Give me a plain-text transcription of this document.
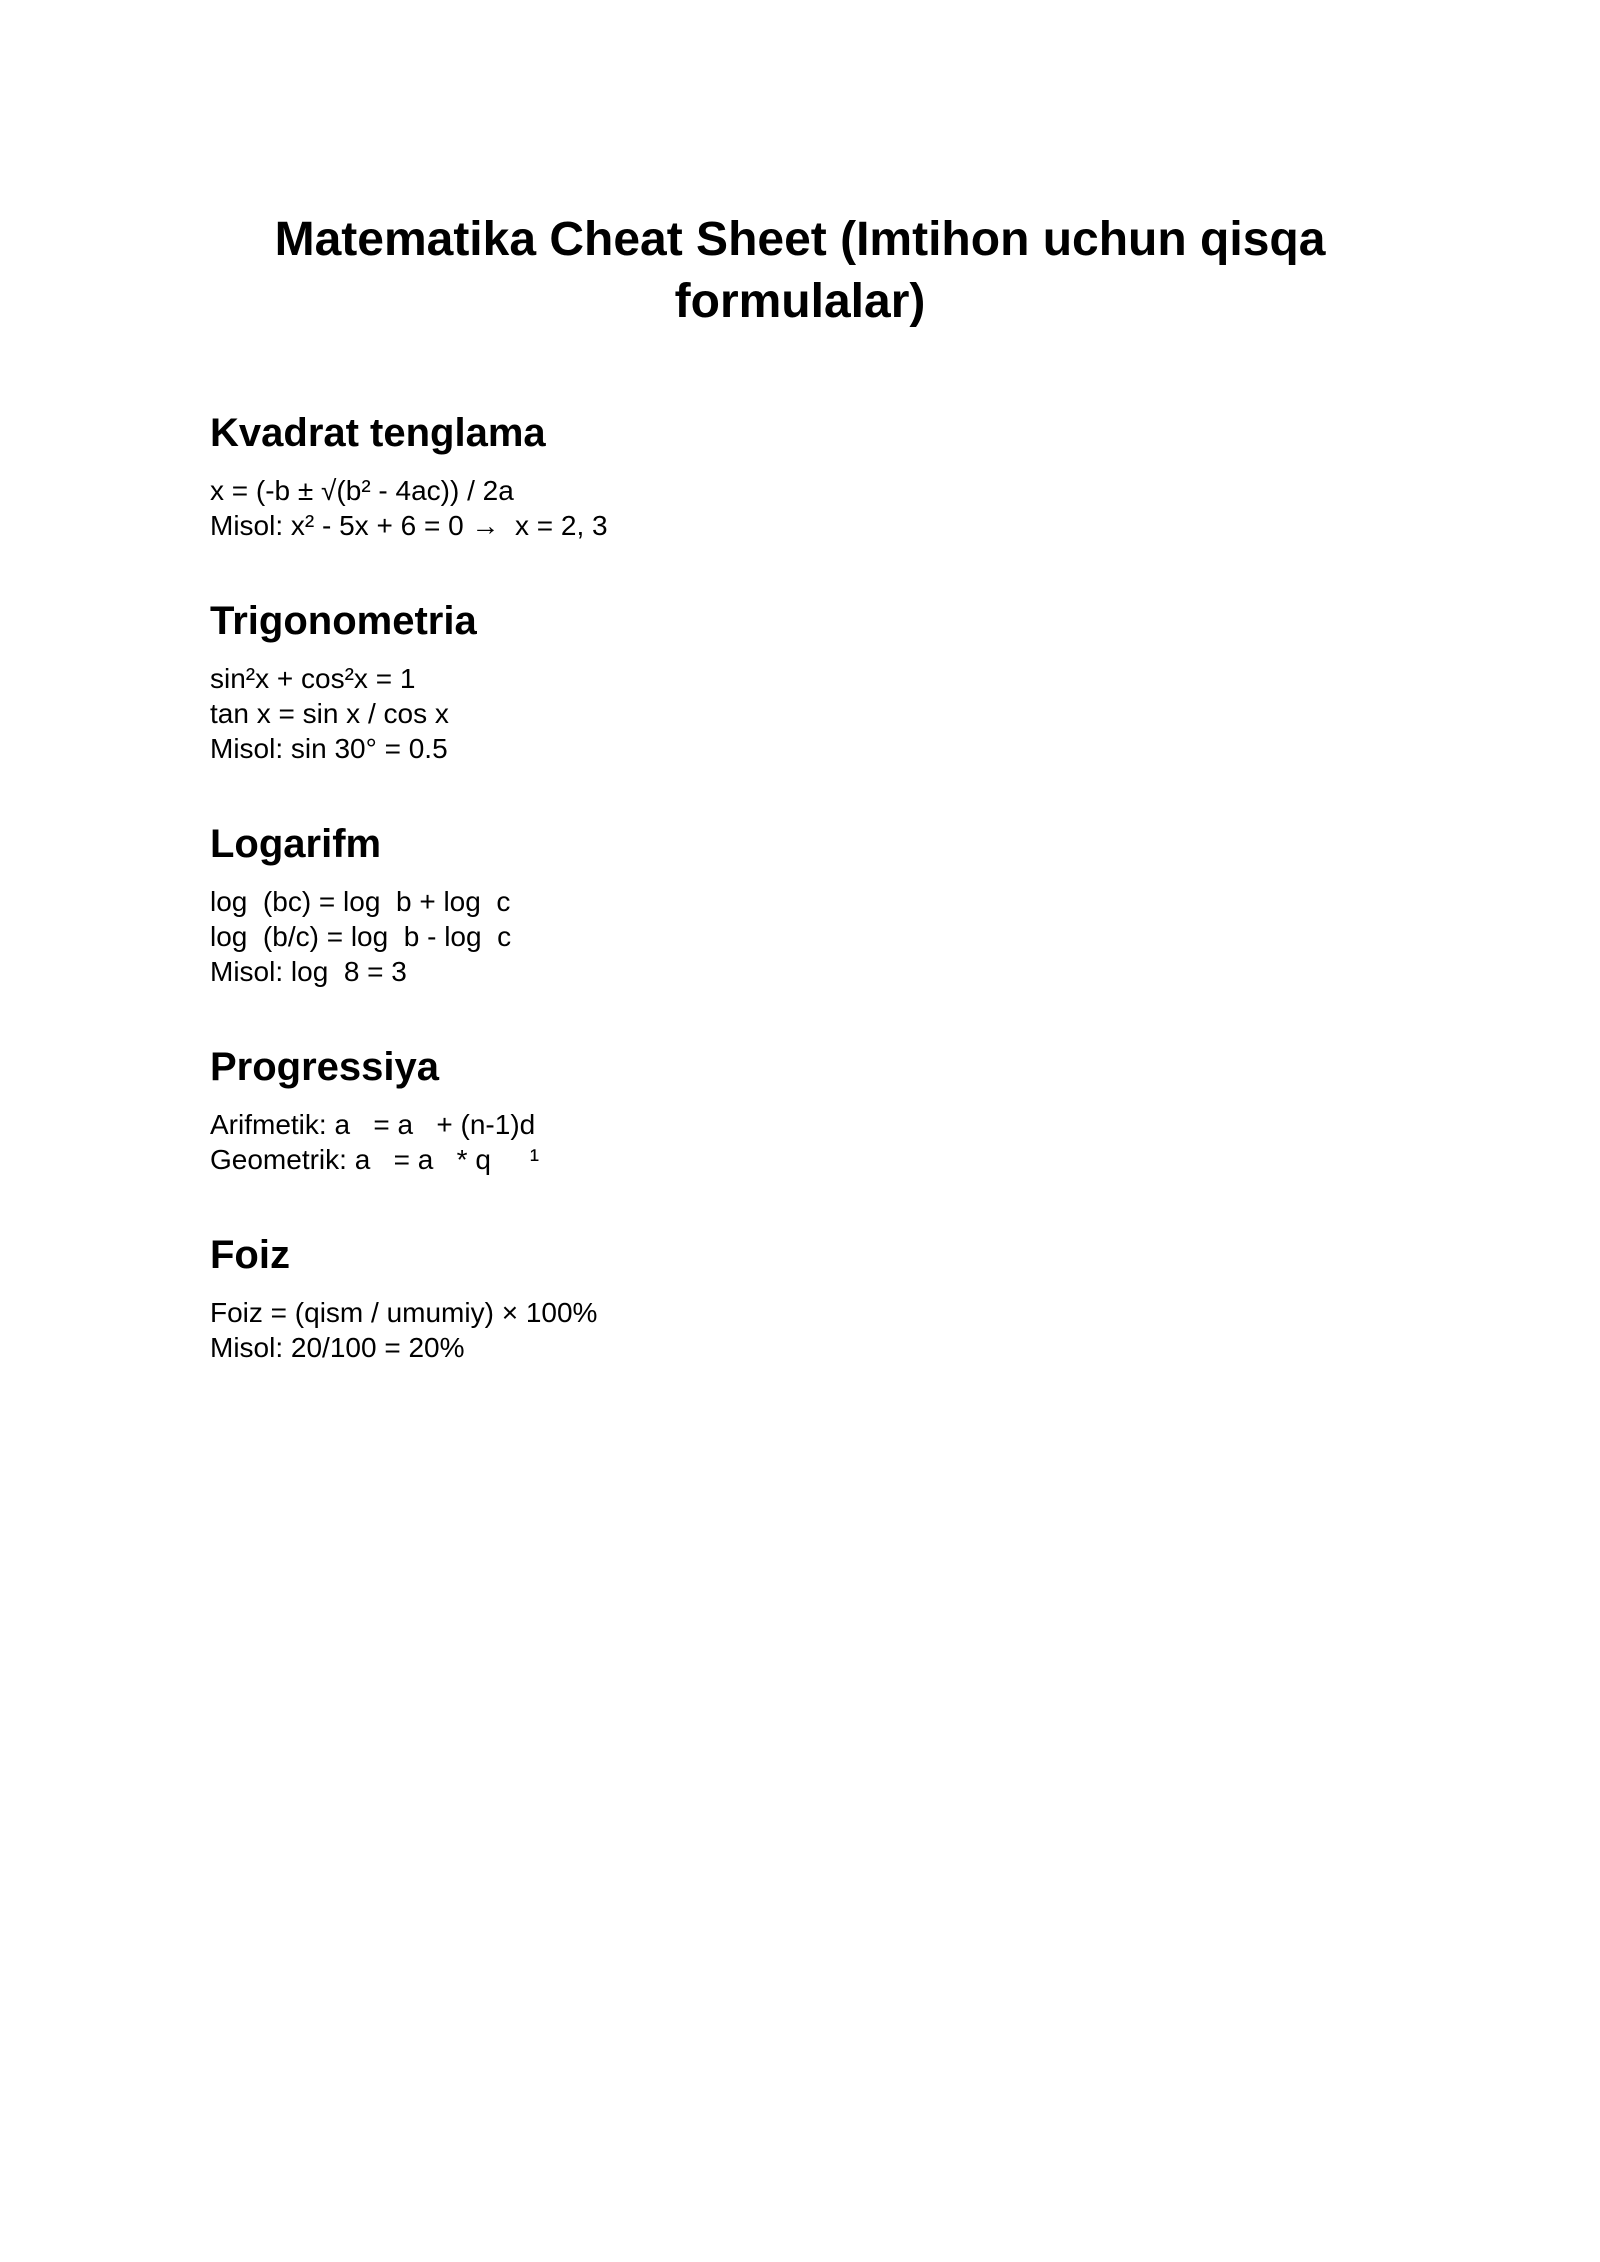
Matematika Cheat Sheet (Imtihon uchun qisqa formulalar)
Kvadrat tenglama
x = (-b ± √(b² - 4ac)) / 2a
Misol: x² - 5x + 6 = 0 →  x = 2, 3
Trigonometria
sin²x + cos²x = 1
tan x = sin x / cos x
Misol: sin 30° = 0.5
Logarifm
log  (bc) = log  b + log  c
log  (b/c) = log  b - log  c
Misol: log  8 = 3
Progressiya
Arifmetik: a   = a   + (n-1)d
Geometrik: a   = a   * q     ¹
Foiz
Foiz = (qism / umumiy) × 100%
Misol: 20/100 = 20%
